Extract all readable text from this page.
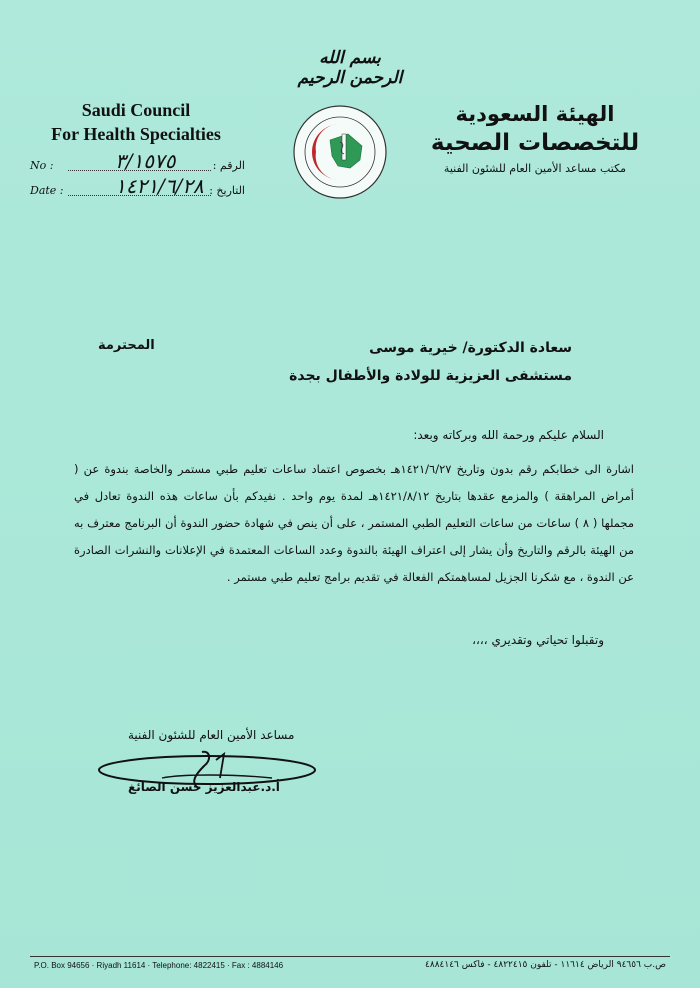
بسم الله الرحمن الرحيم
Saudi Council
For Health Specialties
الهيئة السعودية
للتخصصات الصحية
مكتب مساعد الأمين العام للشئون الفنية
No :	٣/١٥٧٥	الرقم :
Date :	١٤٢١/٦/٢٨ التاريخ :
المحترمة	سعادة الدكتورة/ خيرية موسى
مستشفى العزيزية للولادة والأطفال بجدة
السلام عليكم ورحمة الله وبركاته وبعد:
اشارة الى خطابكم رقم بدون وتاريخ ١٤٢١/٦/٢٧هـ بخصوص اعتماد ساعات تعليم طبي مستمر والخاصة بندوة عن ( أمراض المراهقة ) والمزمع عقدها بتاريخ ١٤٢١/٨/١٢هـ لمدة يوم واحد . نفيدكم بأن ساعات هذه الندوة تعادل في مجملها ( ٨ ) ساعات من ساعات التعليم الطبي المستمر ، على أن ينص في شهادة حضور الندوة أن البرنامج معترف به من الهيئة بالرقم والتاريخ وأن يشار إلى اعتراف الهيئة بالندوة وعدد الساعات المعتمدة في الإعلانات والنشرات الصادرة عن الندوة ، مع شكرنا الجزيل لمساهمتكم الفعالة في تقديم برامج تعليم طبي مستمر .
وتقبلوا تحياتي وتقديري ،،،،
مساعد الأمين العام للشئون الفنية
أ.د.عبدالعزيز حسن الصائغ
P.O. Box 94656 · Riyadh 11614 · Telephone: 4822415 · Fax : 4884146	ص.ب ٩٤٦٥٦ الرياض ١١٦١٤ - تلفون ٤٨٢٢٤١٥ - فاكس ٤٨٨٤١٤٦
